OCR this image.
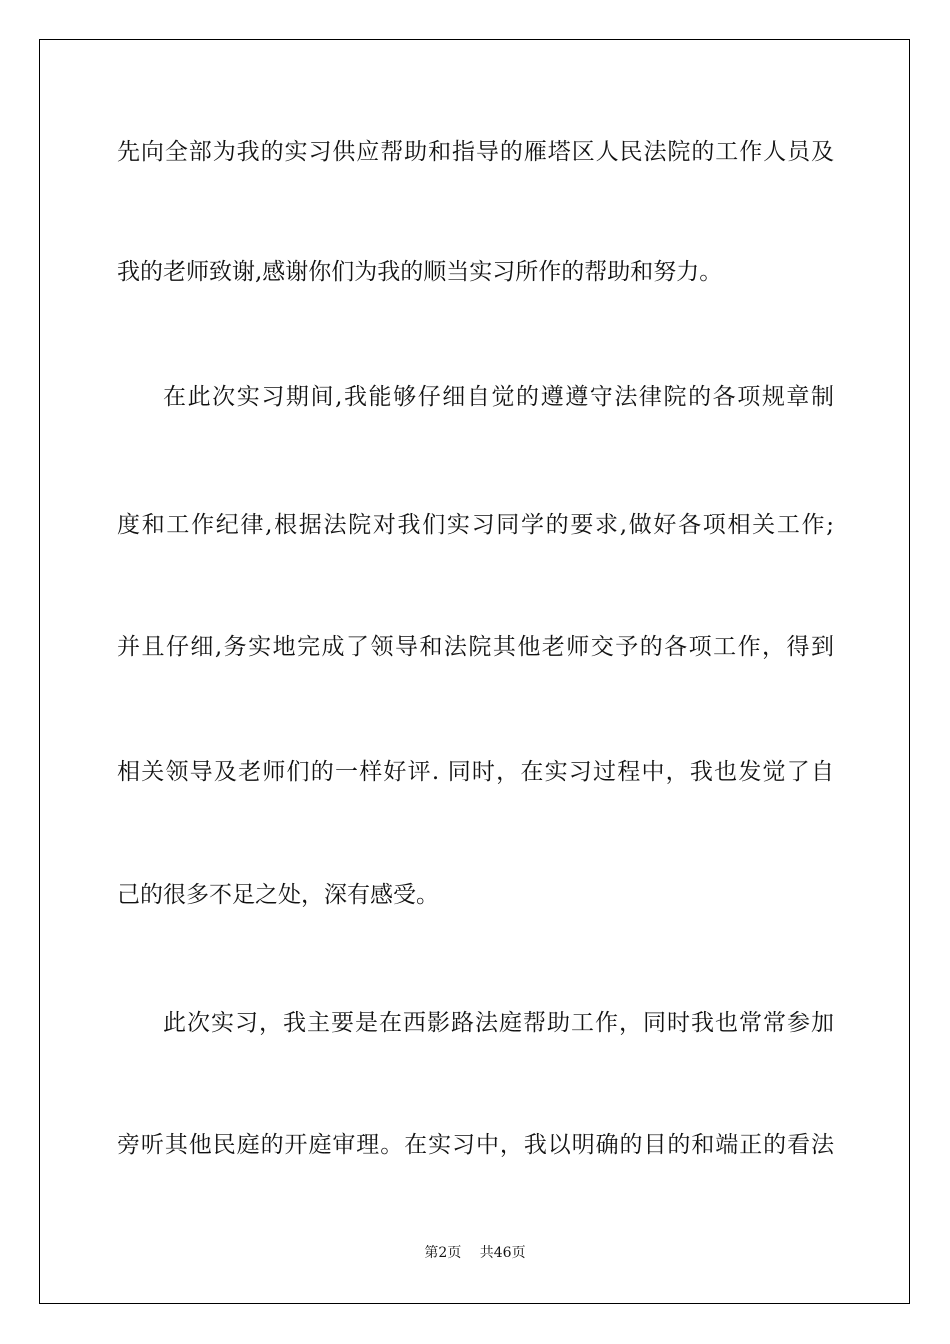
先向全部为我的实习供应帮助和指导的雁塔区人民法院的工作人员及
我的老师致谢,感谢你们为我的顺当实习所作的帮助和努力。
在此次实习期间,我能够仔细自觉的遵遵守法律院的各项规章制
度和工作纪律,根据法院对我们实习同学的要求,做好各项相关工作;
并且仔细,务实地完成了领导和法院其他老师交予的各项工作，得到
相关领导及老师们的一样好评. 同时，在实习过程中，我也发觉了自
己的很多不足之处，深有感受。
此次实习，我主要是在西影路法庭帮助工作，同时我也常常参加
旁听其他民庭的开庭审理。在实习中，我以明确的目的和端正的看法
第2页　 共46页
